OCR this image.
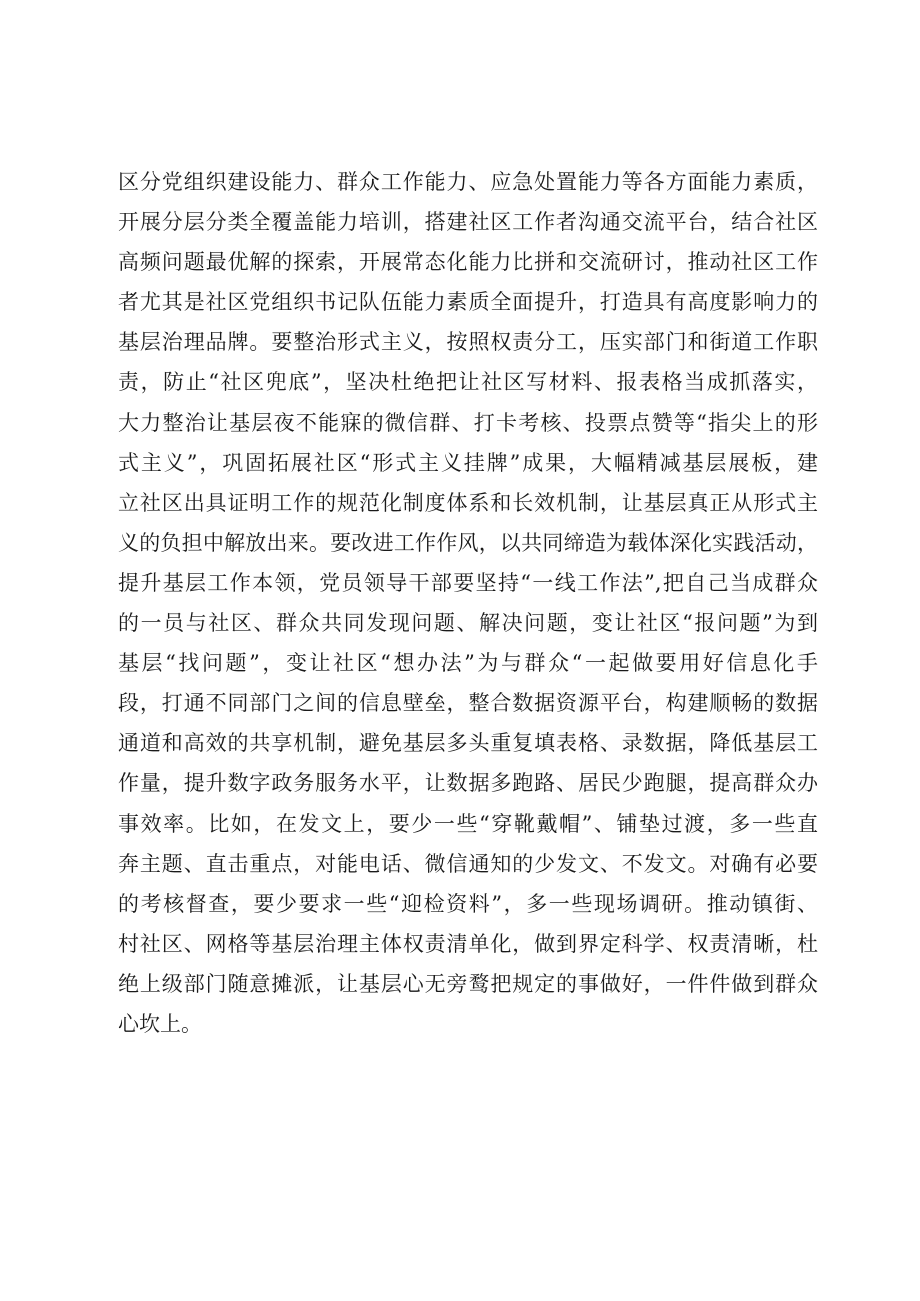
区分党组织建设能力、群众工作能力、应急处置能力等各方面能力素质，
开展分层分类全覆盖能力培训，搭建社区工作者沟通交流平台，结合社区
高频问题最优解的探索，开展常态化能力比拼和交流研讨，推动社区工作
者尤其是社区党组织书记队伍能力素质全面提升，打造具有高度影响力的
基层治理品牌。要整治形式主义，按照权责分工，压实部门和街道工作职
责，防止“社区兜底”，坚决杜绝把让社区写材料、报表格当成抓落实，
大力整治让基层夜不能寐的微信群、打卡考核、投票点赞等“指尖上的形
式主义”，巩固拓展社区“形式主义挂牌”成果，大幅精减基层展板，建
立社区出具证明工作的规范化制度体系和长效机制，让基层真正从形式主
义的负担中解放出来。要改进工作作风，以共同缔造为载体深化实践活动，
提升基层工作本领，党员领导干部要坚持“一线工作法”,把自己当成群众
的一员与社区、群众共同发现问题、解决问题，变让社区“报问题”为到
基层“找问题”，变让社区“想办法”为与群众“一起做要用好信息化手
段，打通不同部门之间的信息壁垒，整合数据资源平台，构建顺畅的数据
通道和高效的共享机制，避免基层多头重复填表格、录数据，降低基层工
作量，提升数字政务服务水平，让数据多跑路、居民少跑腿，提高群众办
事效率。比如，在发文上，要少一些“穿靴戴帽”、铺垫过渡，多一些直
奔主题、直击重点，对能电话、微信通知的少发文、不发文。对确有必要
的考核督查，要少要求一些“迎检资料”，多一些现场调研。推动镇街、
村社区、网格等基层治理主体权责清单化，做到界定科学、权责清晰，杜
绝上级部门随意摊派，让基层心无旁鹜把规定的事做好，一件件做到群众
心坎上。
